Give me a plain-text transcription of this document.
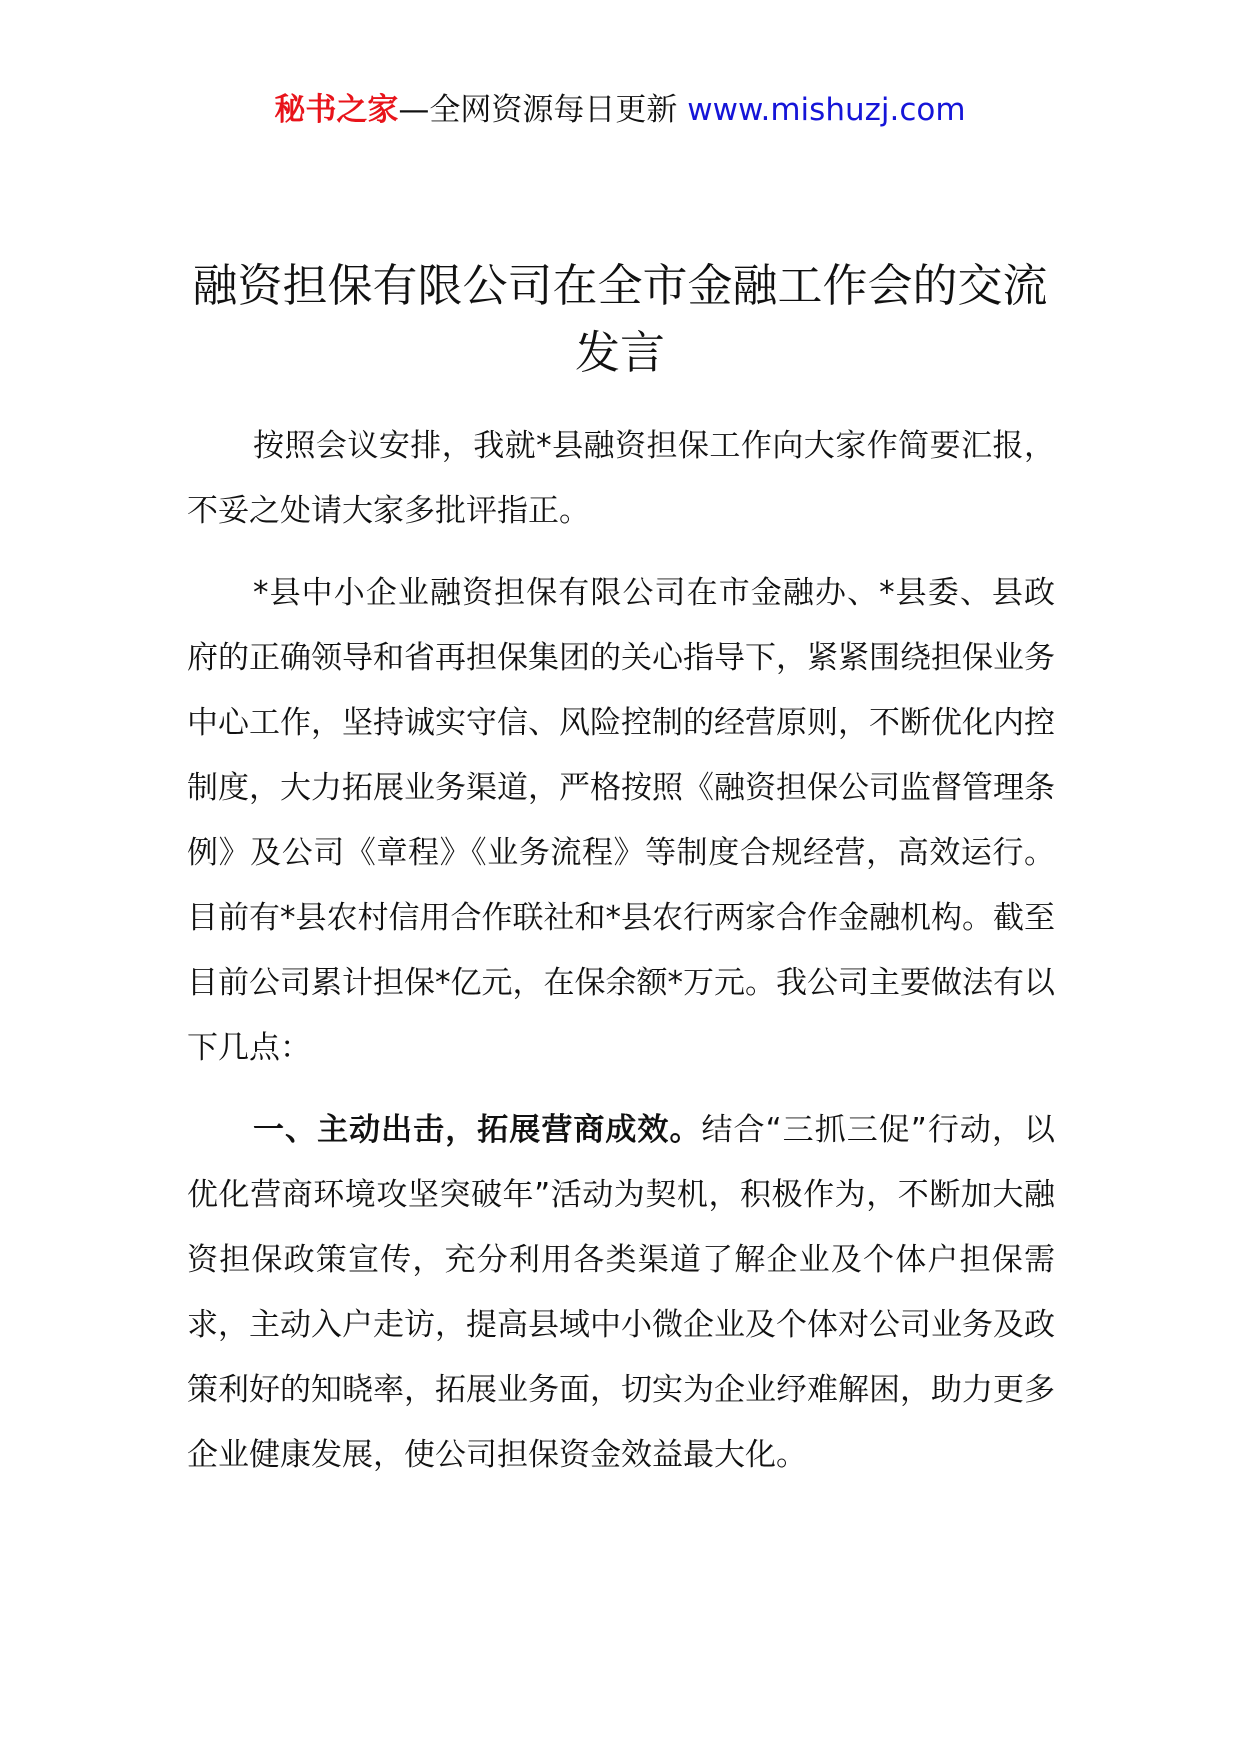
秘书之家—全网资源每日更新 www.mishuzj.com
融资担保有限公司在全市金融工作会的交流发言

按照会议安排，我就*县融资担保工作向大家作简要汇报，不妥之处请大家多批评指正。

*县中小企业融资担保有限公司在市金融办、*县委、县政府的正确领导和省再担保集团的关心指导下，紧紧围绕担保业务中心工作，坚持诚实守信、风险控制的经营原则，不断优化内控制度，大力拓展业务渠道，严格按照《融资担保公司监督管理条例》及公司《章程》《业务流程》等制度合规经营，高效运行。目前有*县农村信用合作联社和*县农行两家合作金融机构。截至目前公司累计担保*亿元，在保余额*万元。我公司主要做法有以下几点：

一、主动出击，拓展营商成效。结合“三抓三促”行动，以优化营商环境攻坚突破年”活动为契机，积极作为，不断加大融资担保政策宣传，充分利用各类渠道了解企业及个体户担保需求，主动入户走访，提高县域中小微企业及个体对公司业务及政策利好的知晓率，拓展业务面，切实为企业纾难解困，助力更多企业健康发展，使公司担保资金效益最大化。
